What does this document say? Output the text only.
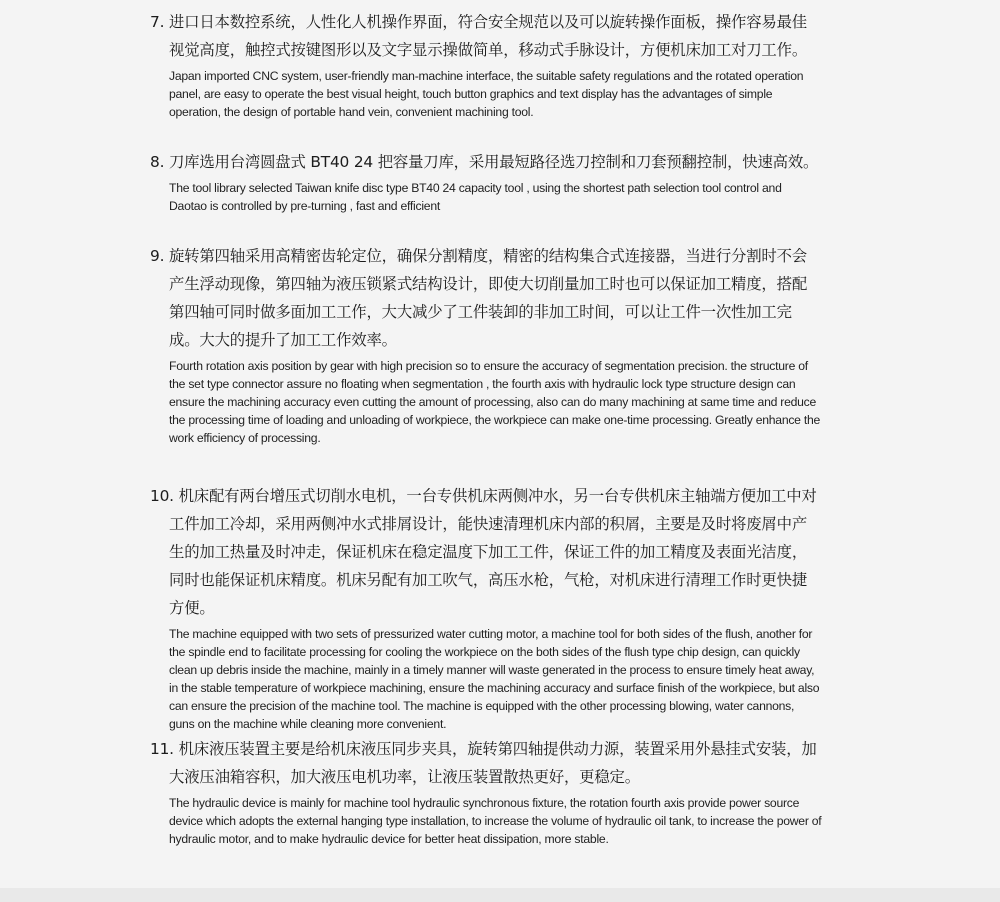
7. 进口日本数控系统，人性化人机操作界面，符合安全规范以及可以旋转操作面板，操作容易最佳视觉高度，触控式按键图形以及文字显示操做简单，移动式手脉设计，方便机床加工对刀工作。

Japan imported CNC system, user-friendly man-machine interface, the suitable safety regulations and the rotated operation panel, are easy to operate the best visual height, touch button graphics and text display has the advantages of simple operation, the design of portable hand vein, convenient machining tool.

8. 刀库选用台湾圆盘式 BT40 24 把容量刀库，采用最短路径选刀控制和刀套预翻控制，快速高效。

The tool library selected Taiwan knife disc type BT40 24 capacity tool , using the shortest path selection tool control and Daotao is controlled by pre-turning , fast and efficient

9. 旋转第四轴采用高精密齿轮定位，确保分割精度，精密的结构集合式连接器，当进行分割时不会产生浮动现像，第四轴为液压锁紧式结构设计，即使大切削量加工时也可以保证加工精度，搭配第四轴可同时做多面加工工作，大大减少了工件装卸的非加工时间，可以让工件一次性加工完成。大大的提升了加工工作效率。

Fourth rotation axis position by gear with high precision so to ensure the accuracy of segmentation precision. the structure of the set type connector assure no floating when segmentation , the fourth axis with hydraulic lock type structure design can ensure the machining accuracy even cutting the amount of processing, also can do many machining at same time and reduce the processing time of loading and unloading of workpiece, the workpiece can make one-time processing. Greatly enhance the work efficiency of processing.

10. 机床配有两台增压式切削水电机，一台专供机床两侧冲水，另一台专供机床主轴端方便加工中对工件加工冷却，采用两侧冲水式排屑设计，能快速清理机床内部的积屑，主要是及时将废屑中产生的加工热量及时冲走，保证机床在稳定温度下加工工件，保证工件的加工精度及表面光洁度，同时也能保证机床精度。机床另配有加工吹气，高压水枪，气枪，对机床进行清理工作时更快捷方便。

The machine equipped with two sets of pressurized water cutting motor, a machine tool for both sides of the flush, another for the spindle end to facilitate processing for cooling the workpiece on the both sides of the flush type chip design, can quickly clean up debris inside the machine, mainly in a timely manner will waste generated in the process to ensure timely heat away, in the stable temperature of workpiece machining, ensure the machining accuracy and surface finish of the workpiece, but also can ensure the precision of the machine tool. The machine is equipped with the other processing blowing, water cannons, guns on the machine while cleaning more convenient.

11. 机床液压装置主要是给机床液压同步夹具，旋转第四轴提供动力源，装置采用外悬挂式安装，加大液压油箱容积，加大液压电机功率，让液压装置散热更好，更稳定。

The hydraulic device is mainly for machine tool hydraulic synchronous fixture, the rotation fourth axis provide power source device which adopts the external hanging type installation, to increase the volume of hydraulic oil tank, to increase the power of hydraulic motor, and to make hydraulic device for better heat dissipation, more stable.
